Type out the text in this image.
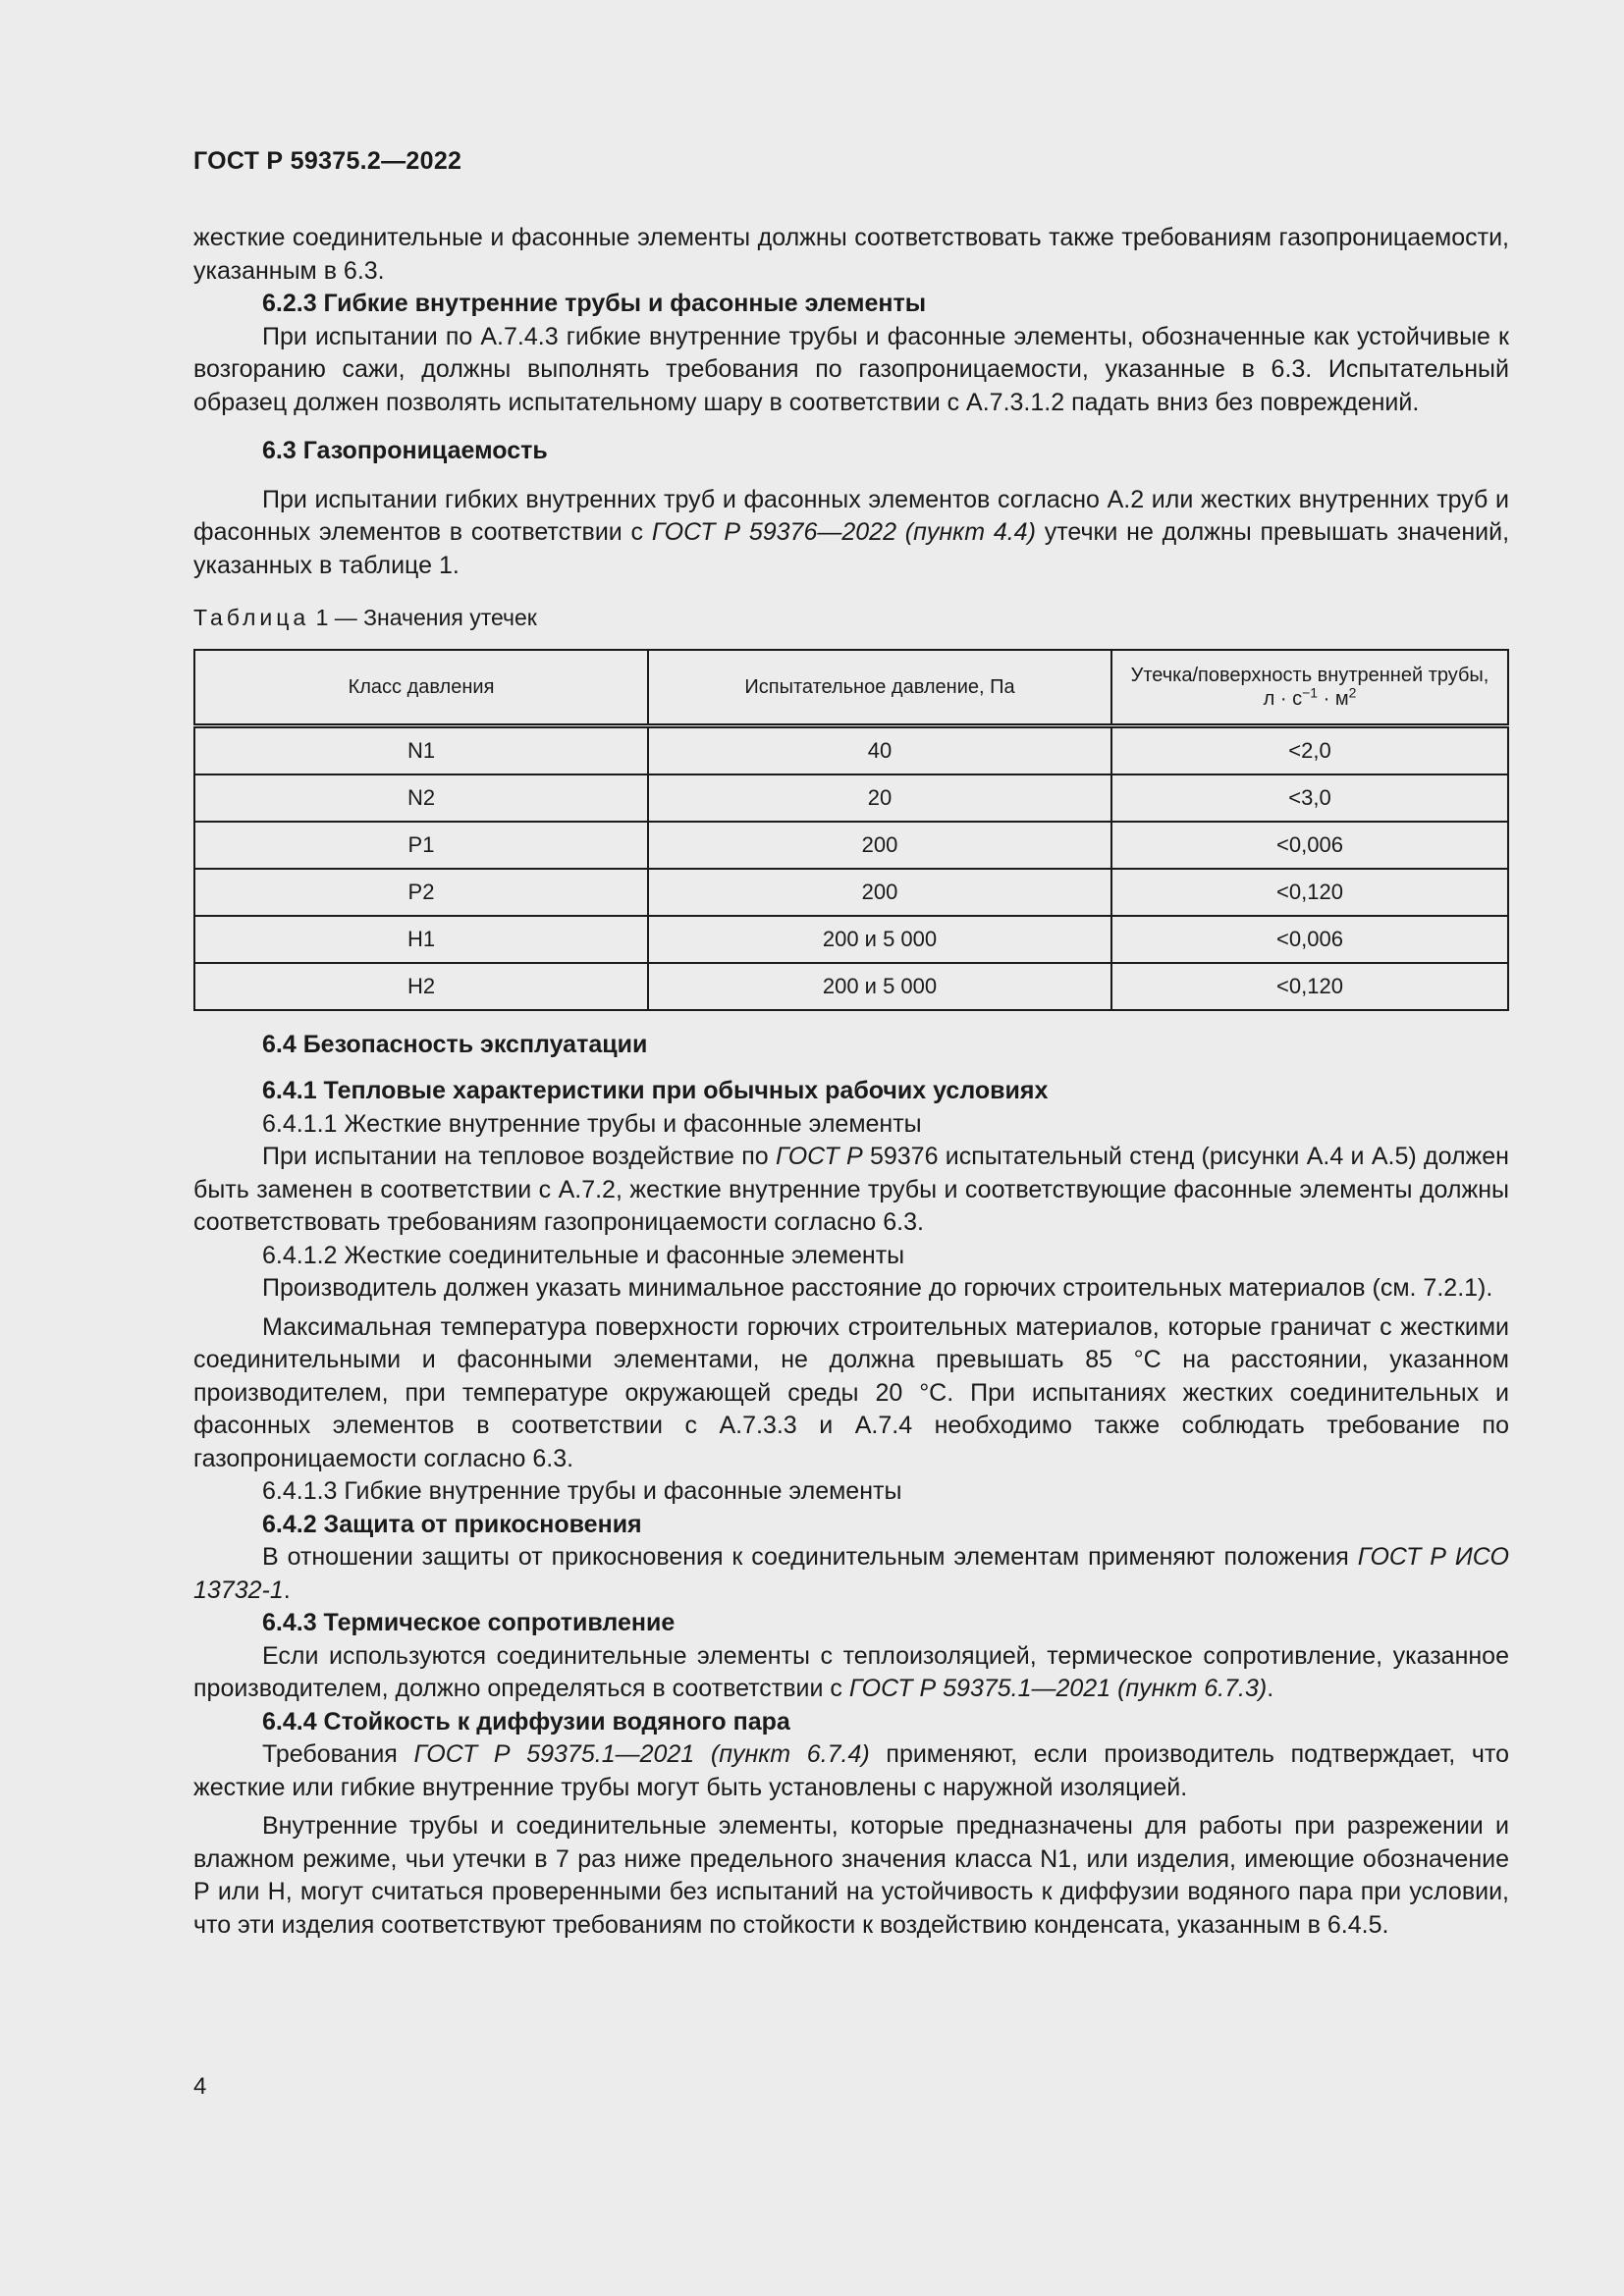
ГОСТ Р 59375.2—2022

жесткие соединительные и фасонные элементы должны соответствовать также требованиям газопроницаемости, указанным в 6.3.

6.2.3 Гибкие внутренние трубы и фасонные элементы

При испытании по А.7.4.3 гибкие внутренние трубы и фасонные элементы, обозначенные как устойчивые к возгоранию сажи, должны выполнять требования по газопроницаемости, указанные в 6.3. Испытательный образец должен позволять испытательному шару в соответствии с А.7.3.1.2 падать вниз без повреждений.

6.3 Газопроницаемость

При испытании гибких внутренних труб и фасонных элементов согласно А.2 или жестких внутренних труб и фасонных элементов в соответствии с ГОСТ Р 59376—2022 (пункт 4.4) утечки не должны превышать значений, указанных в таблице 1.

Таблица 1 — Значения утечек

Класс давления	Испытательное давление, Па	Утечка/поверхность внутренней трубы,
$л \cdot с^{-1} \cdot м^2$
N1	40	<2,0
N2	20	<3,0
P1	200	<0,006
P2	200	<0,120
H1	200 и 5 000	<0,006
H2	200 и 5 000	<0,120

6.4 Безопасность эксплуатации

6.4.1 Тепловые характеристики при обычных рабочих условиях

6.4.1.1 Жесткие внутренние трубы и фасонные элементы

При испытании на тепловое воздействие по ГОСТ Р 59376 испытательный стенд (рисунки А.4 и А.5) должен быть заменен в соответствии с А.7.2, жесткие внутренние трубы и соответствующие фасонные элементы должны соответствовать требованиям газопроницаемости согласно 6.3.

6.4.1.2 Жесткие соединительные и фасонные элементы

Производитель должен указать минимальное расстояние до горючих строительных материалов (см. 7.2.1).

Максимальная температура поверхности горючих строительных материалов, которые граничат с жесткими соединительными и фасонными элементами, не должна превышать 85 °С на расстоянии, указанном производителем, при температуре окружающей среды 20 °С. При испытаниях жестких соединительных и фасонных элементов в соответствии с А.7.3.3 и А.7.4 необходимо также соблюдать требование по газопроницаемости согласно 6.3.

6.4.1.3 Гибкие внутренние трубы и фасонные элементы

6.4.2 Защита от прикосновения

В отношении защиты от прикосновения к соединительным элементам применяют положения ГОСТ Р ИСО 13732-1.

6.4.3 Термическое сопротивление

Если используются соединительные элементы с теплоизоляцией, термическое сопротивление, указанное производителем, должно определяться в соответствии с ГОСТ Р 59375.1—2021 (пункт 6.7.3).

6.4.4 Стойкость к диффузии водяного пара

Требования ГОСТ Р 59375.1—2021 (пункт 6.7.4) применяют, если производитель подтверждает, что жесткие или гибкие внутренние трубы могут быть установлены с наружной изоляцией.

Внутренние трубы и соединительные элементы, которые предназначены для работы при разрежении и влажном режиме, чьи утечки в 7 раз ниже предельного значения класса N1, или изделия, имеющие обозначение Р или Н, могут считаться проверенными без испытаний на устойчивость к диффузии водяного пара при условии, что эти изделия соответствуют требованиям по стойкости к воздействию конденсата, указанным в 6.4.5.

4
